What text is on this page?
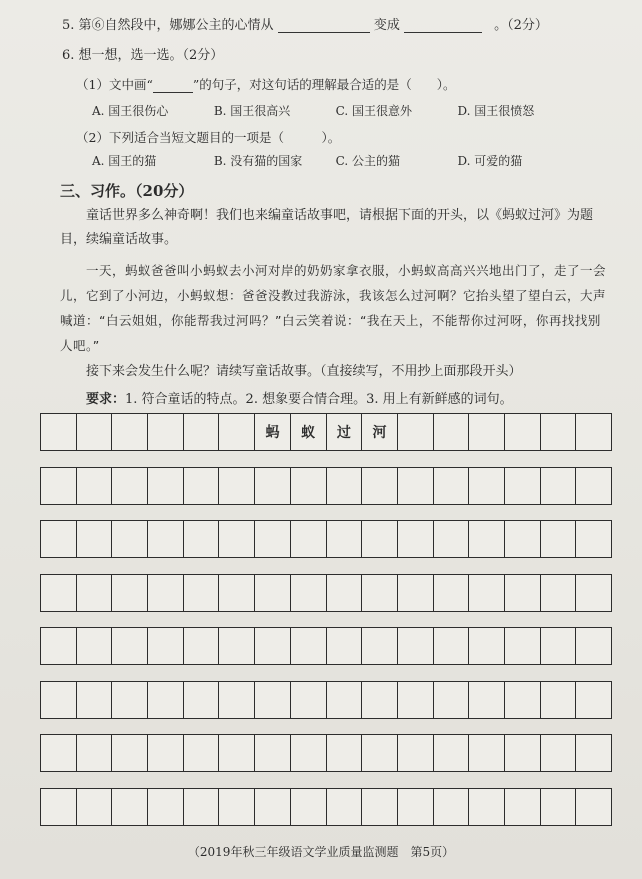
5. 第⑥自然段中，娜娜公主的心情从	变成	。（2分）
6. 想一想，选一选。（2分）
（1）文中画“	”的句子，对这句话的理解最合适的是（　　）。
A. 国王很伤心	B. 国王很高兴	C. 国王很意外	D. 国王很愤怒
（2）下列适合当短文题目的一项是（　　　）。
A. 国王的猫	B. 没有猫的国家	C. 公主的猫	D. 可爱的猫
三、习作。（20分）
童话世界多么神奇啊！我们也来编童话故事吧，请根据下面的开头，以《蚂蚁过河》为题目，续编童话故事。
一天，蚂蚁爸爸叫小蚂蚁去小河对岸的奶奶家拿衣服，小蚂蚁高高兴兴地出门了，走了一会儿，它到了小河边，小蚂蚁想：爸爸没教过我游泳，我该怎么过河啊？它抬头望了望白云，大声喊道：“白云姐姐，你能帮我过河吗？”白云笑着说：“我在天上，不能帮你过河呀，你再找找别人吧。”
接下来会发生什么呢？请续写童话故事。（直接续写，不用抄上面那段开头）
要求：1. 符合童话的特点。2. 想象要合情合理。3. 用上有新鲜感的词句。
蚂	蚁	过	河
（2019年秋三年级语文学业质量监测题　第5页）
